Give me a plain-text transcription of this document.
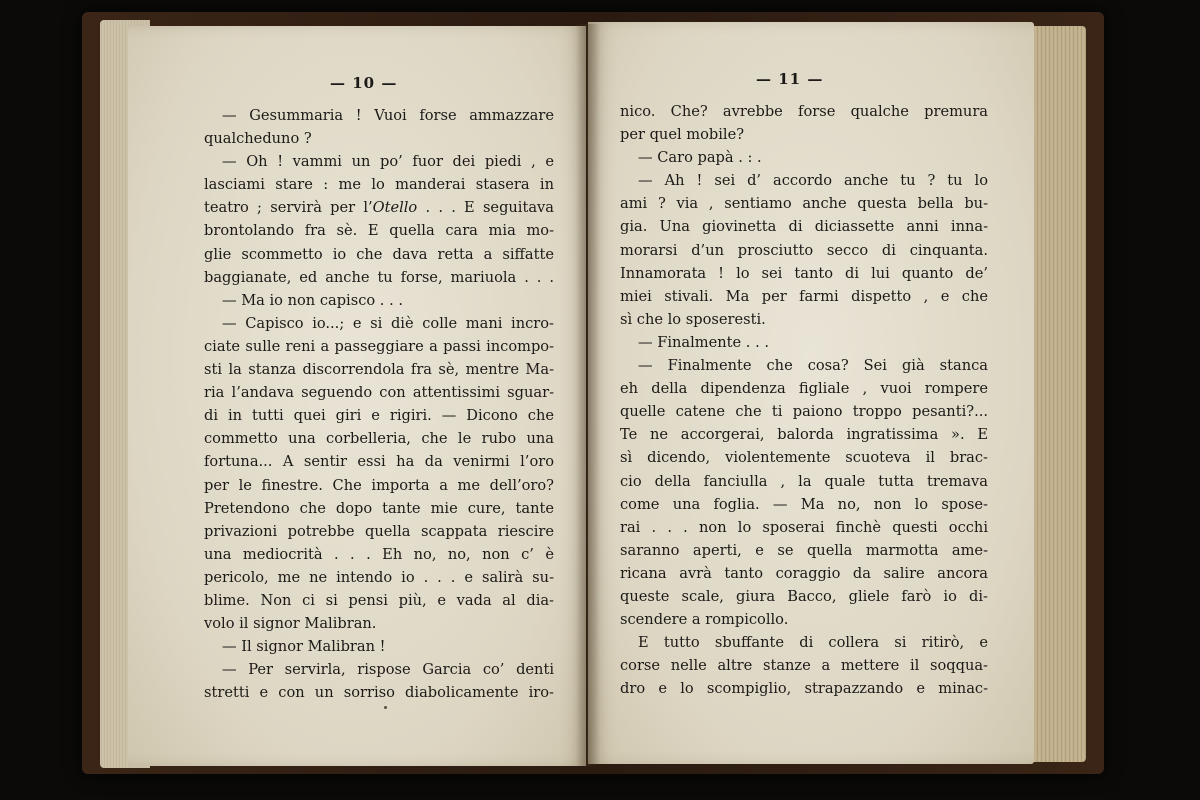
— 10 —
— Gesummaria ! Vuoi forse ammazzare
qualcheduno ?
— Oh ! vammi un po’ fuor dei piedi , e
lasciami stare : me lo manderai stasera in
teatro ; servirà per l’Otello . . . E seguitava
brontolando fra sè. E quella cara mia mo-
glie scommetto io che dava retta a siffatte
baggianate, ed anche tu forse, mariuola . . .
— Ma io non capisco . . .
— Capisco io...; e si diè colle mani incro-
ciate sulle reni a passeggiare a passi incompo-
sti la stanza discorrendola fra sè, mentre Ma-
ria l’andava seguendo con attentissimi sguar-
di in tutti quei giri e rigiri. — Dicono che
commetto una corbelleria, che le rubo una
fortuna... A sentir essi ha da venirmi l’oro
per le finestre. Che importa a me dell’oro?
Pretendono che dopo tante mie cure, tante
privazioni potrebbe quella scappata riescire
una mediocrità . . . Eh no, no, non c’ è
pericolo, me ne intendo io . . . e salirà su-
blime. Non ci si pensi più, e vada al dia-
volo il signor Malibran.
— Il signor Malibran !
— Per servirla, rispose Garcia co’ denti
stretti e con un sorriso diabolicamente iro-
— 11 —
nico. Che? avrebbe forse qualche premura
per quel mobile?
— Caro papà . : .
— Ah ! sei d’ accordo anche tu ? tu lo
ami ? via , sentiamo anche questa bella bu-
gia. Una giovinetta di diciassette anni inna-
morarsi d’un prosciutto secco di cinquanta.
Innamorata ! lo sei tanto di lui quanto de’
miei stivali. Ma per farmi dispetto , e che
sì che lo sposeresti.
— Finalmente . . .
— Finalmente che cosa? Sei già stanca
eh della dipendenza figliale , vuoi rompere
quelle catene che ti paiono troppo pesanti?...
Te ne accorgerai, balorda ingratissima ». E
sì dicendo, violentemente scuoteva il brac-
cio della fanciulla , la quale tutta tremava
come una foglia. — Ma no, non lo spose-
rai . . . non lo sposerai finchè questi occhi
saranno aperti, e se quella marmotta ame-
ricana avrà tanto coraggio da salire ancora
queste scale, giura Bacco, gliele farò io di-
scendere a rompicollo.
E tutto sbuffante di collera si ritirò, e
corse nelle altre stanze a mettere il soqqua-
dro e lo scompiglio, strapazzando e minac-
